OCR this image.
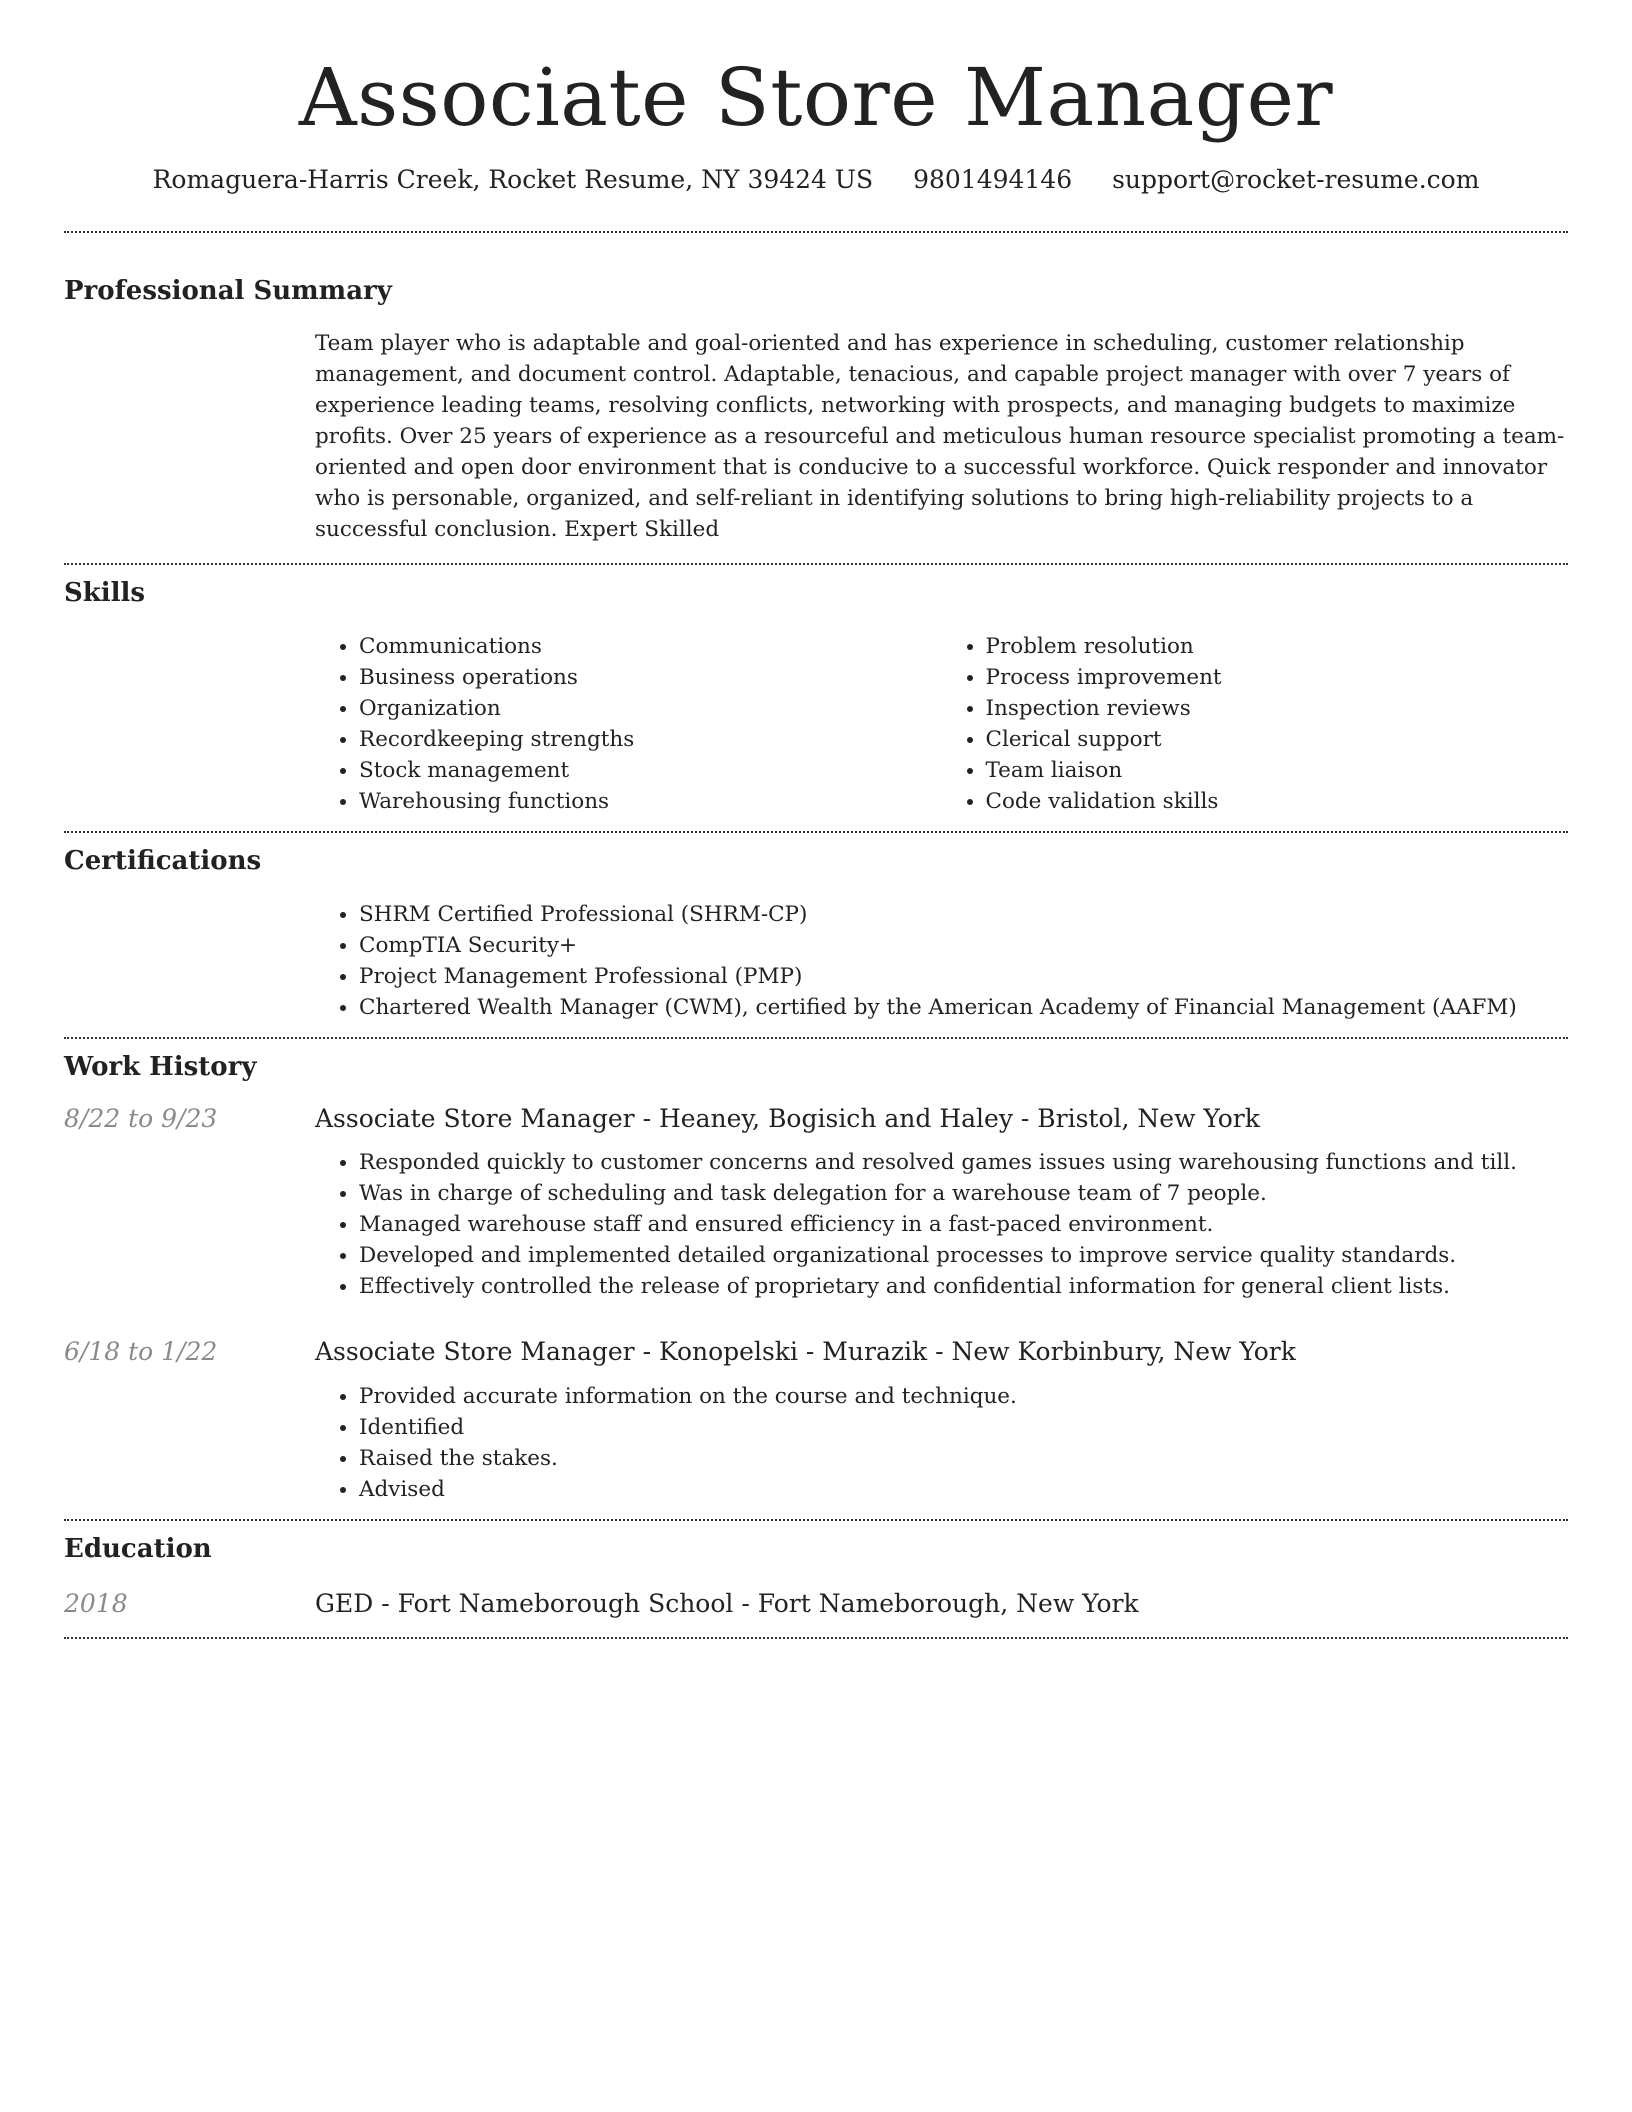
Associate Store Manager
Romaguera-Harris Creek, Rocket Resume, NY 39424 US 9801494146 support@rocket-resume.com
Professional Summary

Team player who is adaptable and goal-oriented and has experience in scheduling, customer relationship management, and document control. Adaptable, tenacious, and capable project manager with over 7 years of experience leading teams, resolving conflicts, networking with prospects, and managing budgets to maximize profits. Over 25 years of experience as a resourceful and meticulous human resource specialist promoting a team-oriented and open door environment that is conducive to a successful workforce. Quick responder and innovator who is personable, organized, and self-reliant in identifying solutions to bring high-reliability projects to a successful conclusion. Expert Skilled

Skills
• Communications
• Business operations
• Organization
• Recordkeeping strengths
• Stock management
• Warehousing functions
• Problem resolution
• Process improvement
• Inspection reviews
• Clerical support
• Team liaison
• Code validation skills
Certifications
• SHRM Certified Professional (SHRM-CP)
• CompTIA Security+
• Project Management Professional (PMP)
• Chartered Wealth Manager (CWM), certified by the American Academy of Financial Management (AAFM)
Work History
8/22 to 9/23	Associate Store Manager - Heaney, Bogisich and Haley - Bristol, New York
• Responded quickly to customer concerns and resolved games issues using warehousing functions and till.
• Was in charge of scheduling and task delegation for a warehouse team of 7 people.
• Managed warehouse staff and ensured efficiency in a fast-paced environment.
• Developed and implemented detailed organizational processes to improve service quality standards.
• Effectively controlled the release of proprietary and confidential information for general client lists.
6/18 to 1/22	Associate Store Manager - Konopelski - Murazik - New Korbinbury, New York
• Provided accurate information on the course and technique.
• Identified
• Raised the stakes.
• Advised
Education
2018	GED - Fort Nameborough School - Fort Nameborough, New York
